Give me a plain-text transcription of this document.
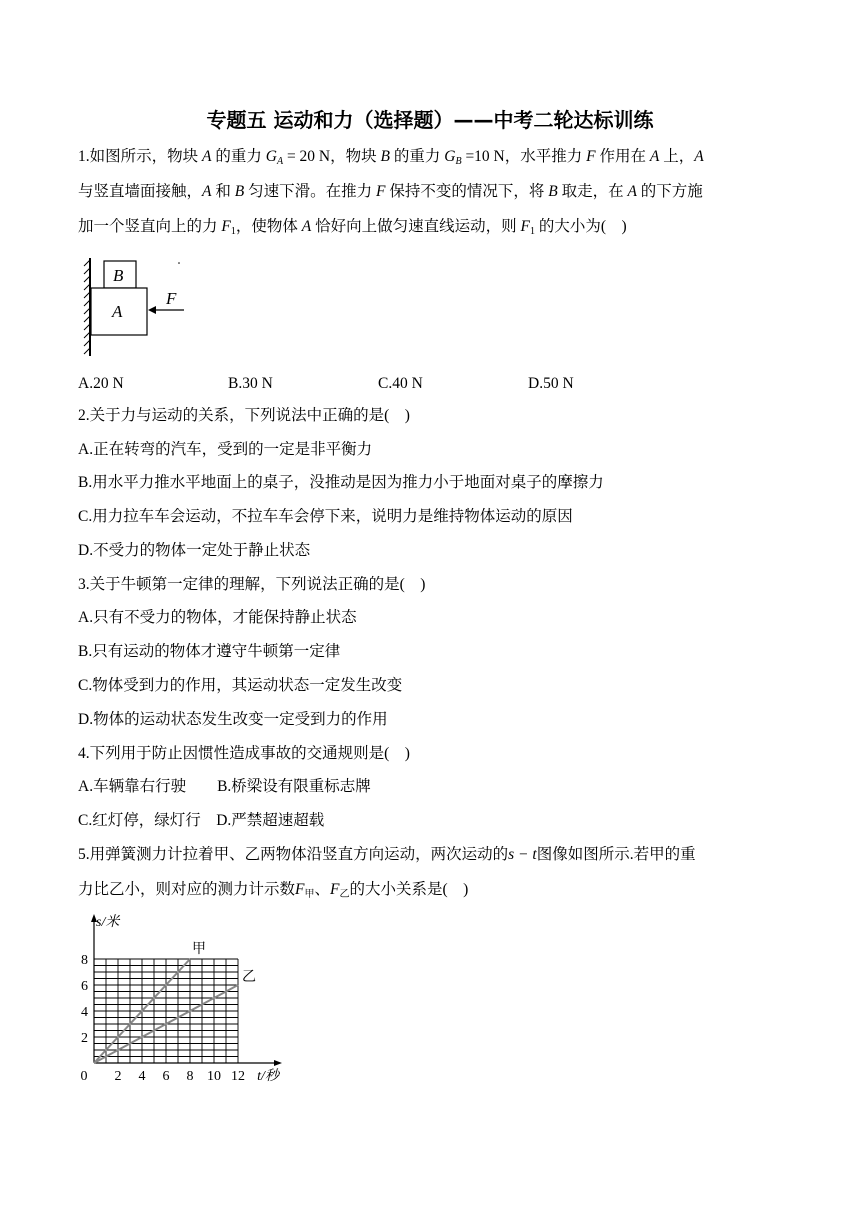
专题五 运动和力（选择题）——中考二轮达标训练
1.如图所示，物块 A 的重力 $G_A = 20$ N，物块 B 的重力 $G_B =10$ N，水平推力 F 作用在 A 上，A
与竖直墙面接触，A 和 B 匀速下滑。在推力 F 保持不变的情况下，将 B 取走，在 A 的下方施
加一个竖直向上的力 $F_1$，使物体 A 恰好向上做匀速直线运动，则 $F_1$ 的大小为(　)
B
A
F
A.20 N	B.30 N	C.40 N	D.50 N
2.关于力与运动的关系，下列说法中正确的是(　)
A.正在转弯的汽车，受到的一定是非平衡力
B.用水平力推水平地面上的桌子，没推动是因为推力小于地面对桌子的摩擦力
C.用力拉车车会运动，不拉车车会停下来，说明力是维持物体运动的原因
D.不受力的物体一定处于静止状态
3.关于牛顿第一定律的理解，下列说法正确的是(　)
A.只有不受力的物体，才能保持静止状态
B.只有运动的物体才遵守牛顿第一定律
C.物体受到力的作用，其运动状态一定发生改变
D.物体的运动状态发生改变一定受到力的作用
4.下列用于防止因惯性造成事故的交通规则是(　)
A.车辆靠右行驶　　B.桥梁设有限重标志牌
C.红灯停，绿灯行　D.严禁超速超载
5.用弹簧测力计拉着甲、乙两物体沿竖直方向运动，两次运动的s − t图像如图所示.若甲的重
力比乙小，则对应的测力计示数$F_甲$、$F_乙$的大小关系是(　)
2 4 6 8 10 12
2
4
6
8
0	t/秒
s/米
甲
乙
